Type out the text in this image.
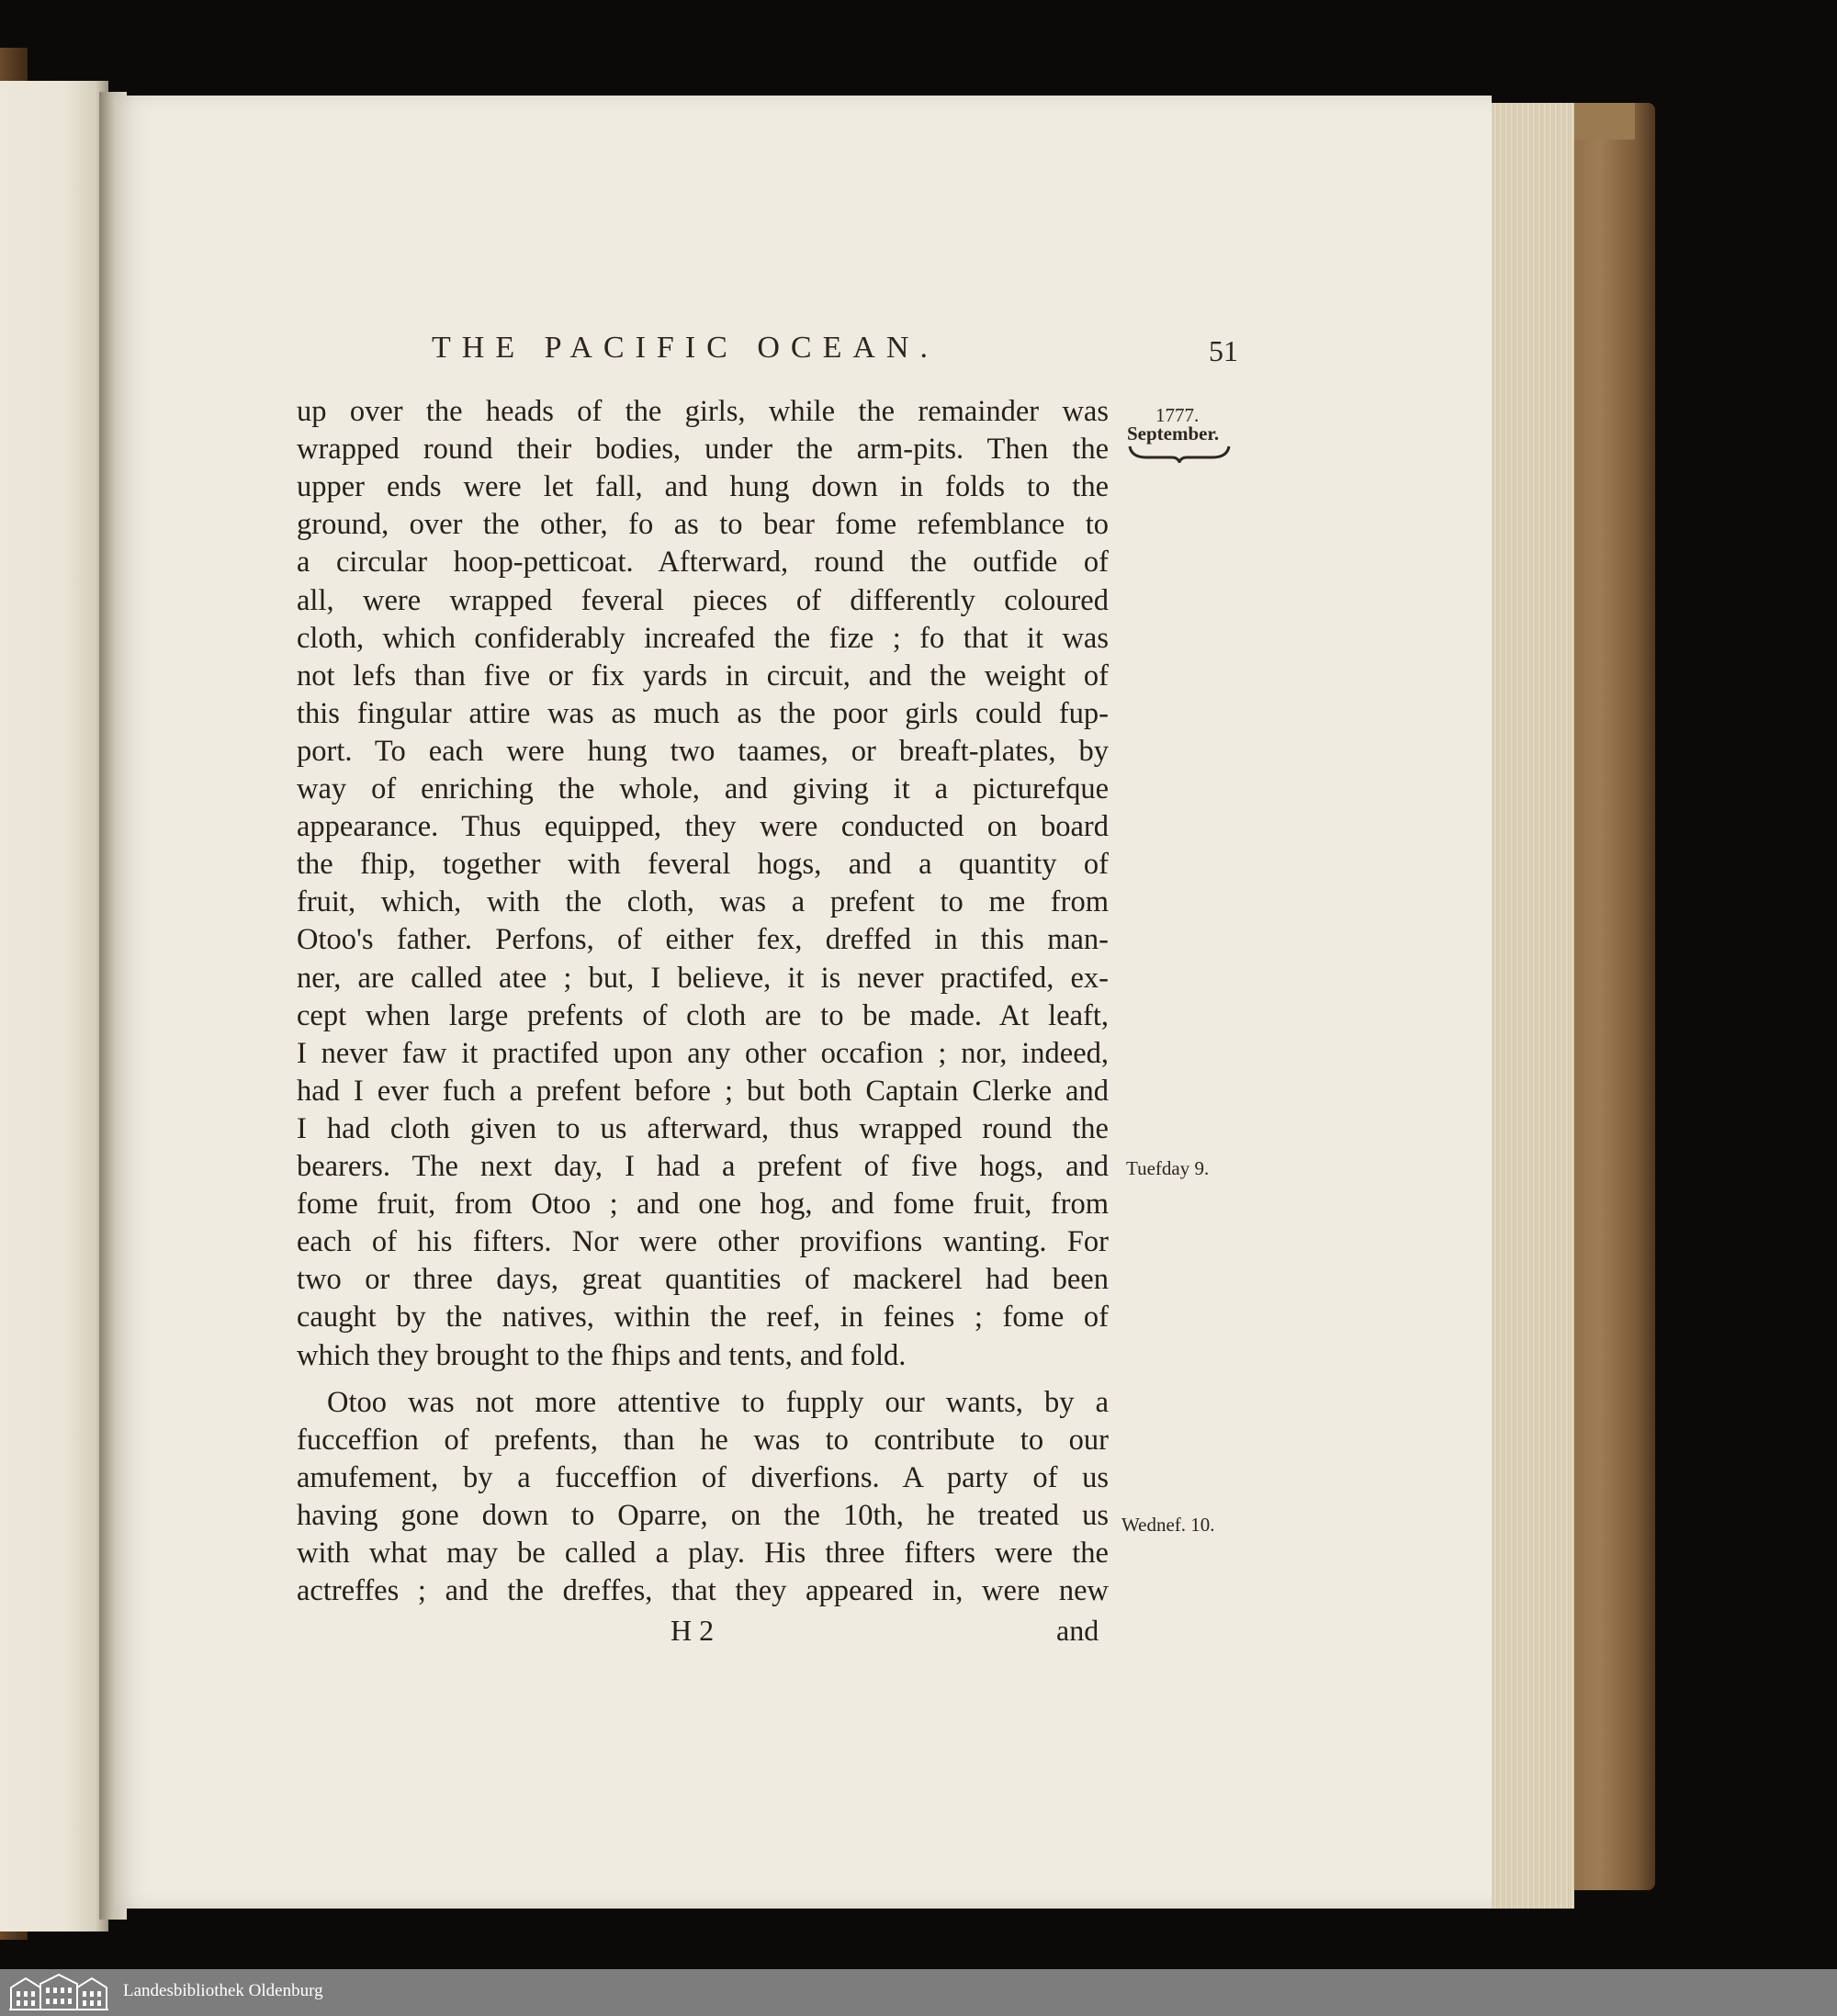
THE PACIFIC OCEAN.	51
1777.
September.
Tuefday 9.
Wednef. 10.
up over the heads of the girls, while the remainder was
wrapped round their bodies, under the arm-pits. Then the
upper ends were let fall, and hung down in folds to the
ground, over the other, fo as to bear fome refemblance to
a circular hoop-petticoat. Afterward, round the outfide of
all, were wrapped feveral pieces of differently coloured
cloth, which confiderably increafed the fize ; fo that it was
not lefs than five or fix yards in circuit, and the weight of
this fingular attire was as much as the poor girls could fup-
port. To each were hung two taames, or breaft-plates, by
way of enriching the whole, and giving it a picturefque
appearance. Thus equipped, they were conducted on board
the fhip, together with feveral hogs, and a quantity of
fruit, which, with the cloth, was a prefent to me from
Otoo's father. Perfons, of either fex, dreffed in this man-
ner, are called atee ; but, I believe, it is never practifed, ex-
cept when large prefents of cloth are to be made. At leaft,
I never faw it practifed upon any other occafion ; nor, indeed,
had I ever fuch a prefent before ; but both Captain Clerke and
I had cloth given to us afterward, thus wrapped round the
bearers. The next day, I had a prefent of five hogs, and
fome fruit, from Otoo ; and one hog, and fome fruit, from
each of his fifters. Nor were other provifions wanting. For
two or three days, great quantities of mackerel had been
caught by the natives, within the reef, in feines ; fome of
which they brought to the fhips and tents, and fold.
Otoo was not more attentive to fupply our wants, by a
fucceffion of prefents, than he was to contribute to our
amufement, by a fucceffion of diverfions. A party of us
having gone down to Oparre, on the 10th, he treated us
with what may be called a play. His three fifters were the
actreffes ; and the dreffes, that they appeared in, were new
H 2	and
Landesbibliothek Oldenburg
